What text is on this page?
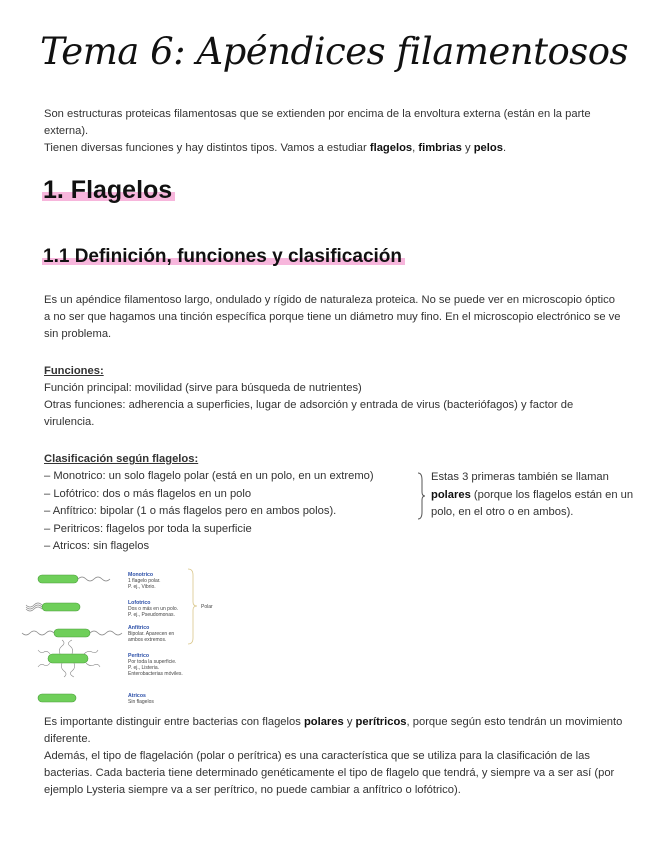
Tema 6: Apéndices filamentosos

Son estructuras proteicas filamentosas que se extienden por encima de la envoltura externa (están en la parte externa).
Tienen diversas funciones y hay distintos tipos. Vamos a estudiar flagelos, fimbrias y pelos.

1. Flagelos
1.1 Definición, funciones y clasificación

Es un apéndice filamentoso largo, ondulado y rígido de naturaleza proteica. No se puede ver en microscopio óptico a no ser que hagamos una tinción específica porque tiene un diámetro muy fino. En el microscopio electrónico se ve sin problema.

Funciones:
Función principal: movilidad (sirve para búsqueda de nutrientes)
Otras funciones: adherencia a superficies, lugar de adsorción y entrada de virus (bacteriófagos) y factor de virulencia.

Clasificación según flagelos:

– Monotrico: un solo flagelo polar (está en un polo, en un extremo)
– Lofótrico: dos o más flagelos en un polo
– Anfítrico: bipolar (1 o más flagelos pero en ambos polos).
– Peritricos: flagelos por toda la superficie
– Atricos: sin flagelos

Estas 3 primeras también se llaman polares (porque los flagelos están en un polo, en el otro o en ambos).

Monotrico
1 flagelo polar.
P. ej., Vibrio.
Lofotrico
Dos o más en un polo.
P. ej., Pseudomonas.
Anfítrico
Bipolar. Aparecen en
ambos extremos.
Perítrico
Por toda la superficie.
P. ej., Listeria.
Enterobacterias móviles.
Atricos
Sin flagelos
Polar

Es importante distinguir entre bacterias con flagelos polares y perítricos, porque según esto tendrán un movimiento diferente.

Además, el tipo de flagelación (polar o perítrica) es una característica que se utiliza para la clasificación de las bacterias. Cada bacteria tiene determinado genéticamente el tipo de flagelo que tendrá, y siempre va a ser así (por ejemplo Lysteria siempre va a ser perítrico, no puede cambiar a anfítrico o lofótrico).
